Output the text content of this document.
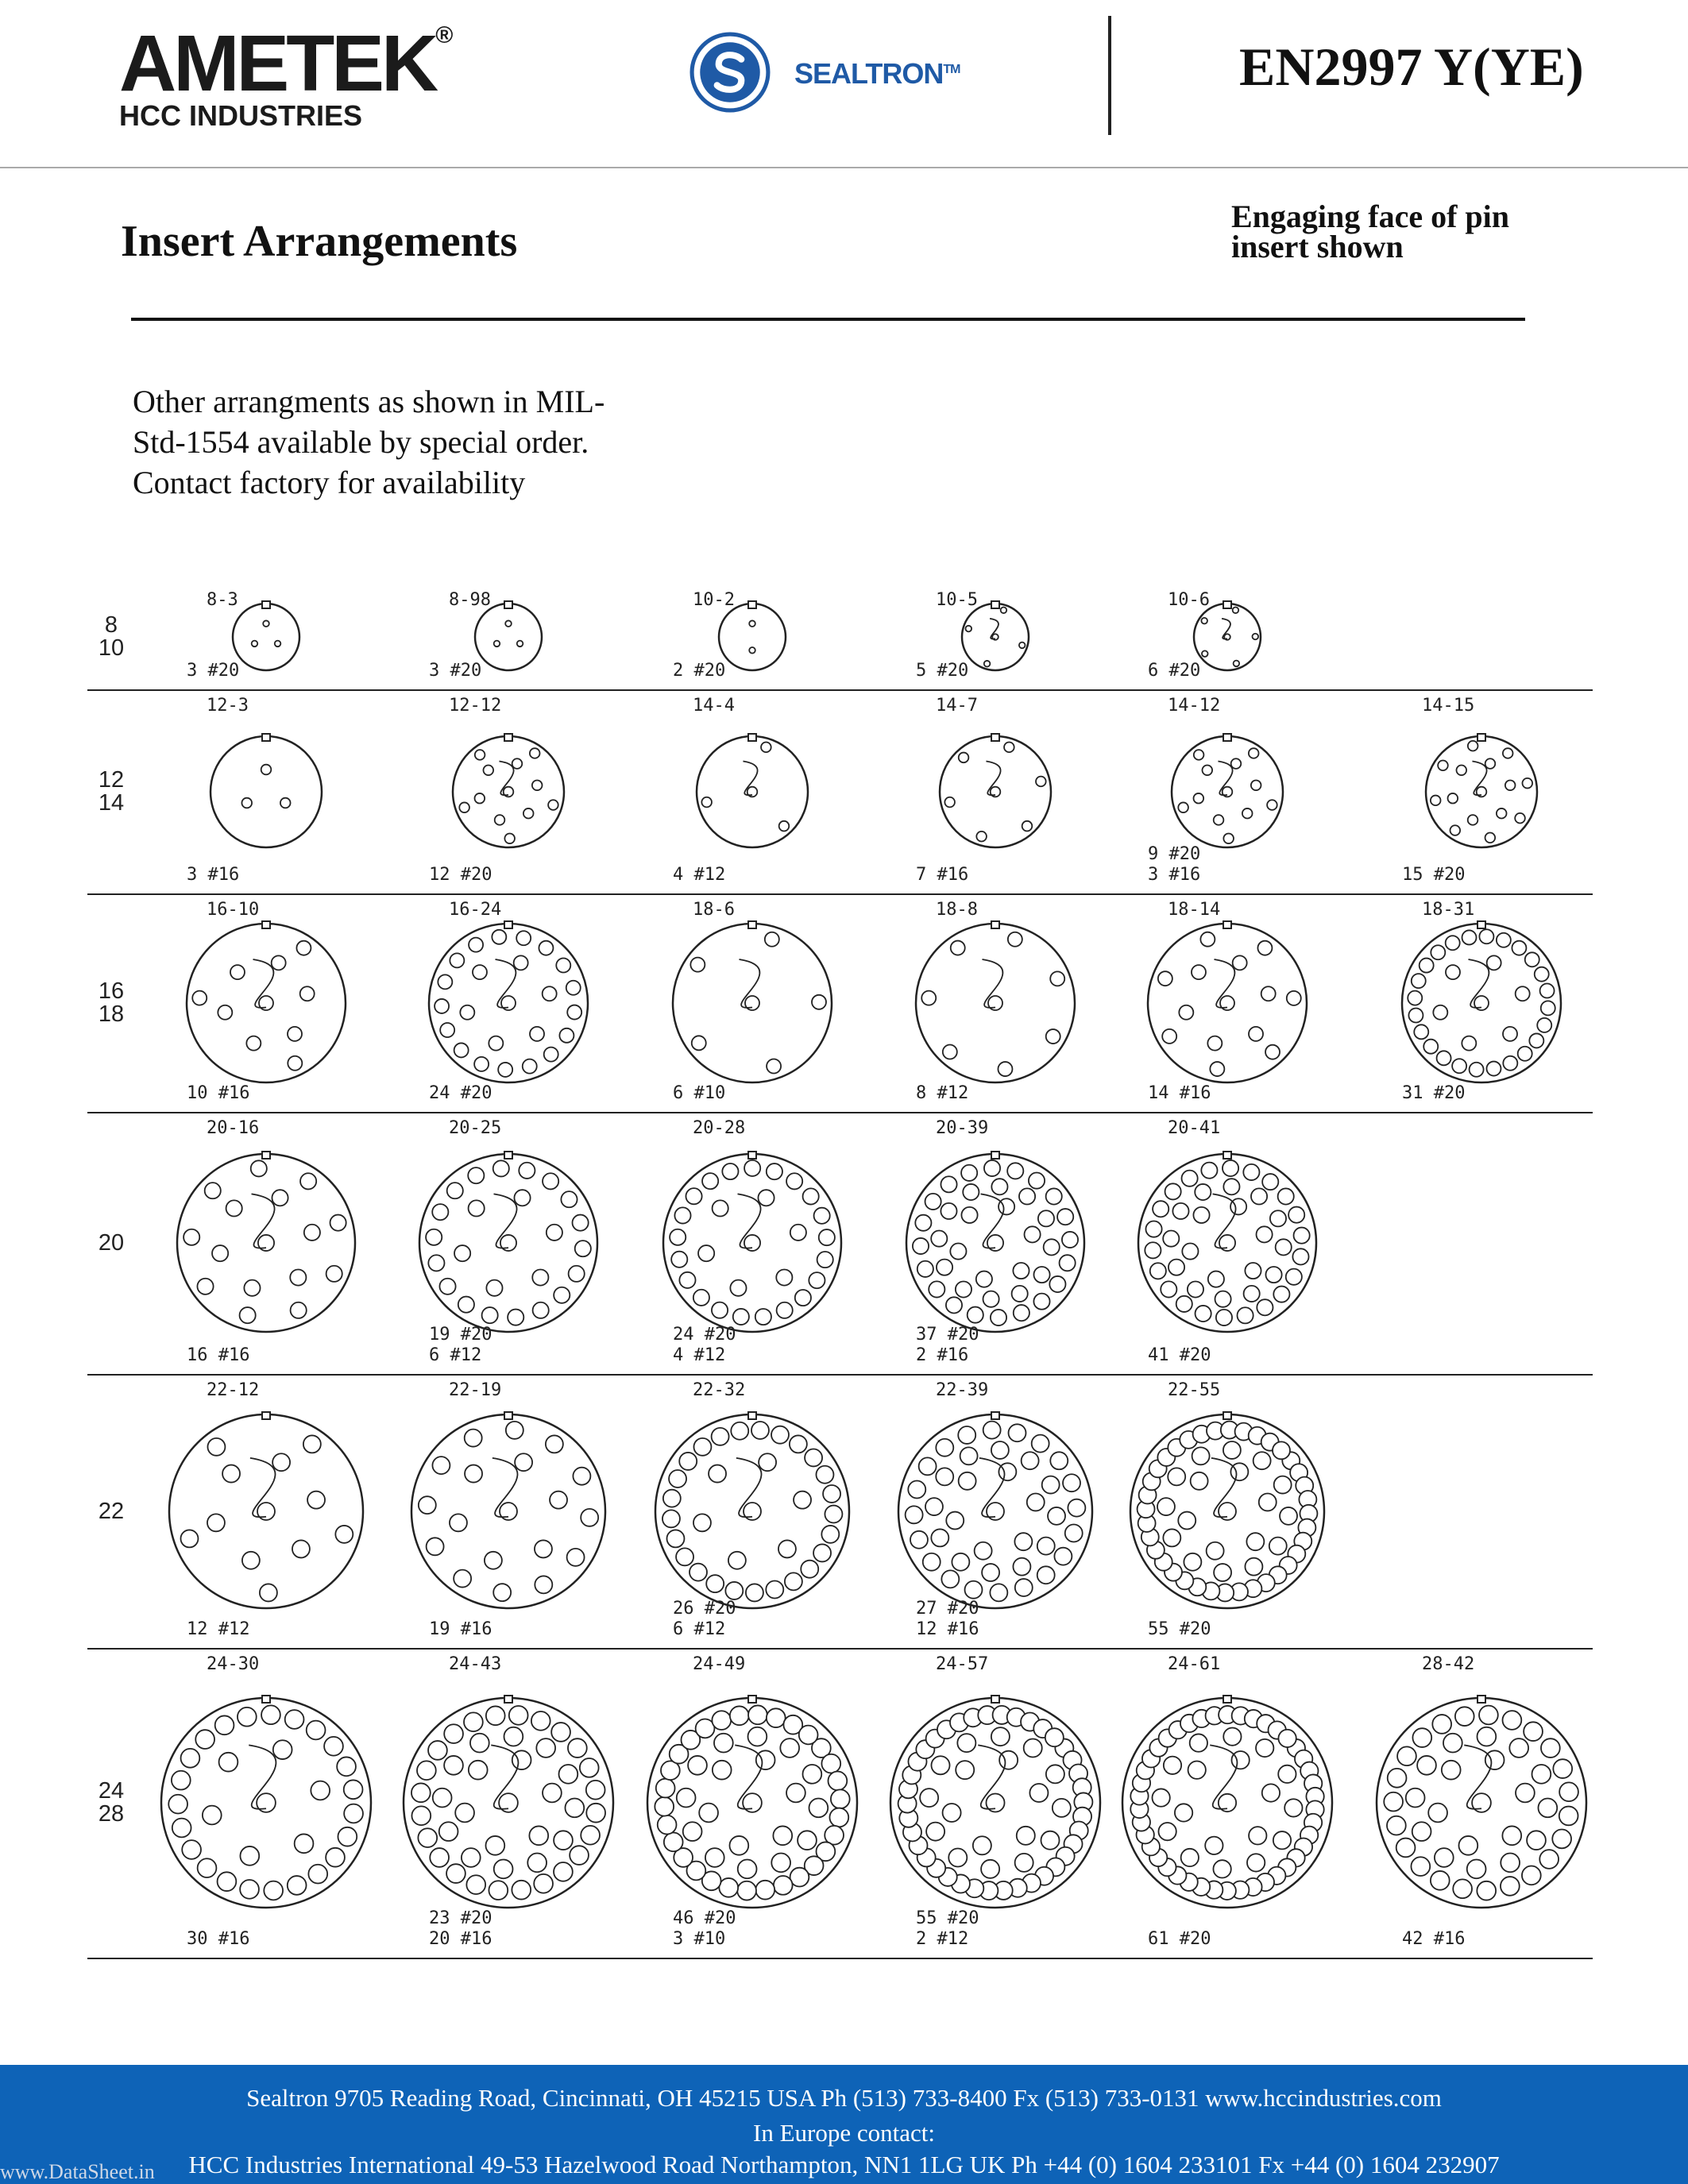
AMETEK®
HCC INDUSTRIES
SEALTRON™	EN2997 Y(YE)
Insert Arrangements
Engaging face of pin
insert shown
Other arrangments as shown in MIL-
Std-1554 available by special order.
Contact factory for availability
8
10
8-3
3 #20
8-98
3 #20
10-2
2 #20
10-5
5 #20
10-6
6 #20
12
14
12-3
3 #16
12-12
12 #20
14-4
4 #12
14-7
7 #16
14-12
9 #20
3 #16
14-15
15 #20
16
18
16-10
10 #16
16-24
24 #20
18-6
6 #10
18-8
8 #12
18-14
14 #16
18-31
31 #20
20
20-16
16 #16
20-25
19 #20
6 #12
20-28
24 #20
4 #12
20-39
37 #20
2 #16
20-41
41 #20
22
22-12
12 #12
22-19
19 #16
22-32
26 #20
6 #12
22-39
27 #20
12 #16
22-55
55 #20
24
28
24-30
30 #16
24-43
23 #20
20 #16
24-49
46 #20
3 #10
24-57
55 #20
2 #12
24-61
61 #20
28-42
42 #16
Sealtron 9705 Reading Road, Cincinnati, OH 45215 USA Ph (513) 733-8400 Fx (513) 733-0131 www.hccindustries.com
In Europe contact:
HCC Industries International 49-53 Hazelwood Road Northampton, NN1 1LG UK Ph +44 (0) 1604 233101 Fx +44 (0) 1604 232907
www.DataSheet.in
